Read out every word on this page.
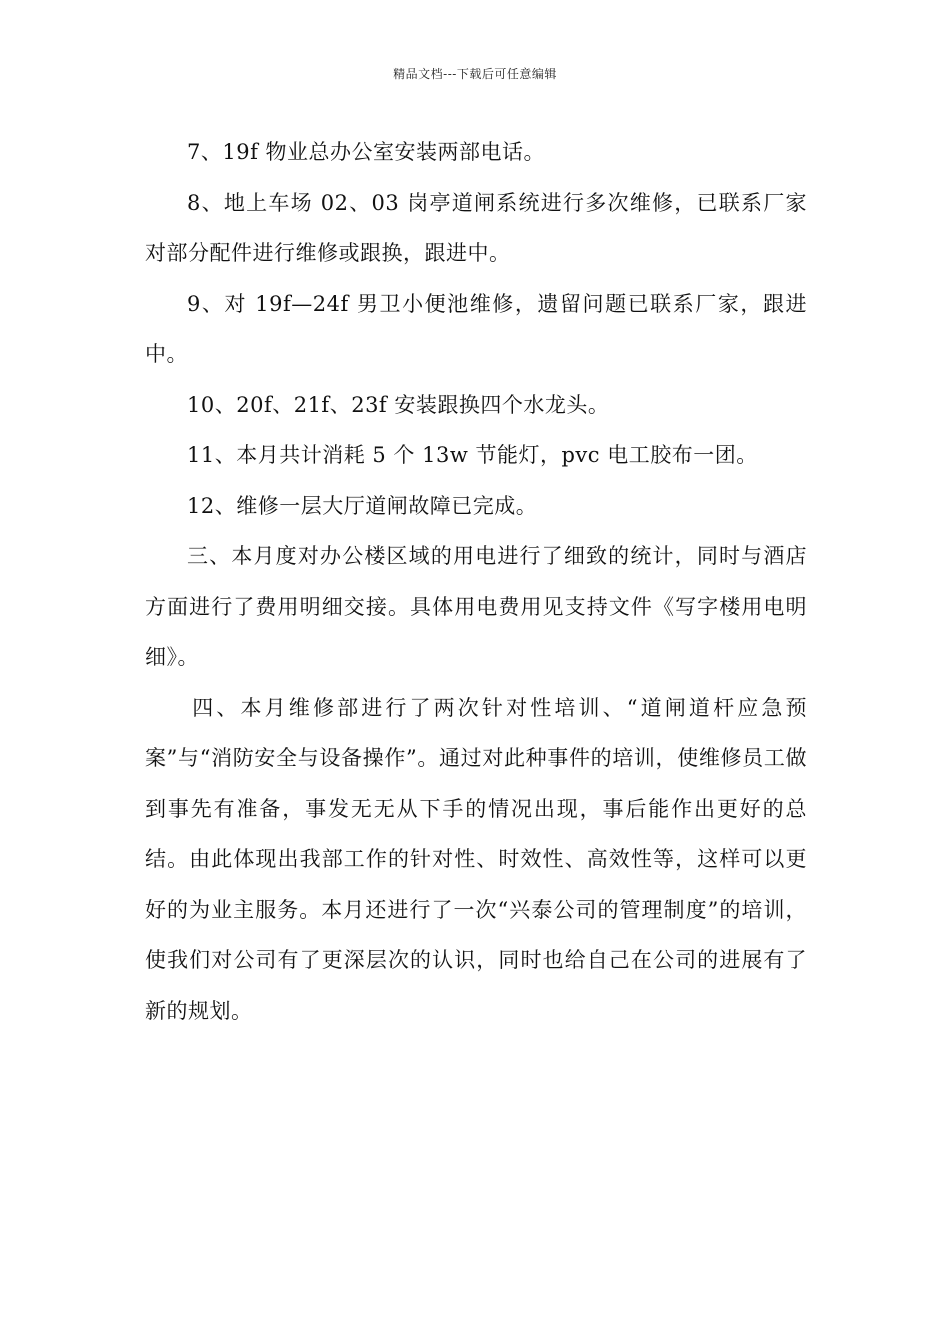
精品文档---下载后可任意编辑

7、19f 物业总办公室安装两部电话。

8、地上车场 02、03 岗亭道闸系统进行多次维修，已联系厂家对部分配件进行维修或跟换，跟进中。

9、对 19f—24f 男卫小便池维修，遗留问题已联系厂家，跟进中。

10、20f、21f、23f 安装跟换四个水龙头。

11、本月共计消耗 5 个 13w 节能灯，pvc 电工胶布一团。

12、维修一层大厅道闸故障已完成。

三、本月度对办公楼区域的用电进行了细致的统计，同时与酒店方面进行了费用明细交接。具体用电费用见支持文件《写字楼用电明细》。

四、本月维修部进行了两次针对性培训、“道闸道杆应急预案”与“消防安全与设备操作”。通过对此种事件的培训，使维修员工做到事先有准备，事发无无从下手的情况出现，事后能作出更好的总结。由此体现出我部工作的针对性、时效性、高效性等，这样可以更好的为业主服务。本月还进行了一次“兴泰公司的管理制度”的培训，使我们对公司有了更深层次的认识，同时也给自己在公司的进展有了新的规划。
